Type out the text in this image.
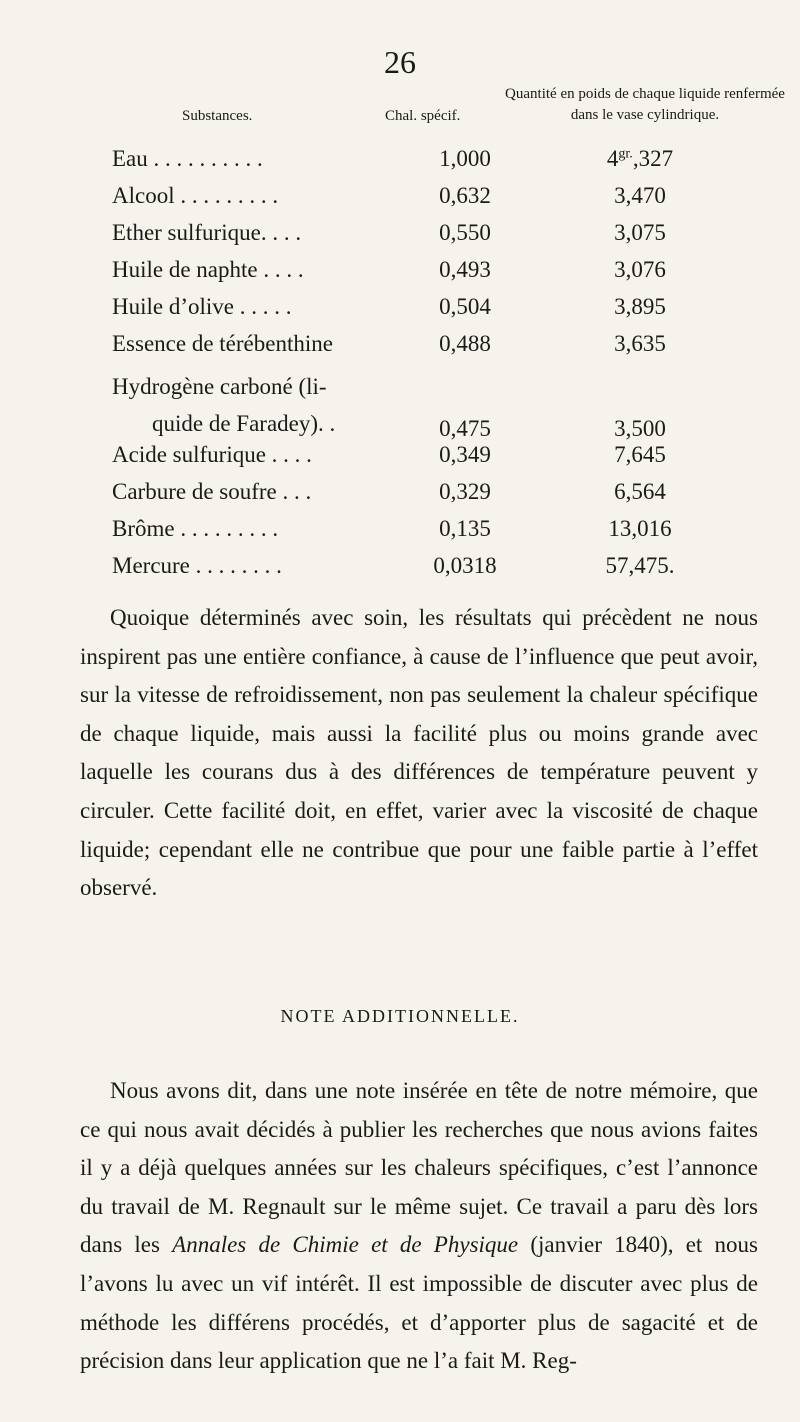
26
Substances.	Chal. spécif.
Quantité en poids de chaque liquide renfermée dans le vase cylindrique.
Eau . . . . . . . . . .	1,000	$4^{gr.},327$
Alcool . . . . . . . . .	0,632	3,470
Ether sulfurique. . . .	0,550	3,075
Huile de naphte . . . .	0,493	3,076
Huile d’olive . . . . .	0,504	3,895
Essence de térébenthine	0,488	3,635
Hydrogène carboné (li-
quide de Faradey). .	0,475	3,500
Acide sulfurique . . . .	0,349	7,645
Carbure de soufre . . .	0,329	6,564
Brôme . . . . . . . . .	0,135	13,016
Mercure . . . . . . . .	0,0318	57,475.

Quoique déterminés avec soin, les résultats qui précèdent ne nous inspirent pas une entière confiance, à cause de l’influence que peut avoir, sur la vitesse de refroidissement, non pas seulement la chaleur spécifique de chaque liquide, mais aussi la facilité plus ou moins grande avec laquelle les courans dus à des différences de température peuvent y circuler. Cette facilité doit, en effet, varier avec la viscosité de chaque liquide; cependant elle ne contribue que pour une faible partie à l’effet observé.

NOTE ADDITIONNELLE.

Nous avons dit, dans une note insérée en tête de notre mémoire, que ce qui nous avait décidés à publier les recherches que nous avions faites il y a déjà quelques années sur les chaleurs spécifiques, c’est l’annonce du travail de M. Regnault sur le même sujet. Ce travail a paru dès lors dans les Annales de Chimie et de Physique (janvier 1840), et nous l’avons lu avec un vif intérêt. Il est impossible de discuter avec plus de méthode les différens procédés, et d’apporter plus de sagacité et de précision dans leur application que ne l’a fait M. Reg-
